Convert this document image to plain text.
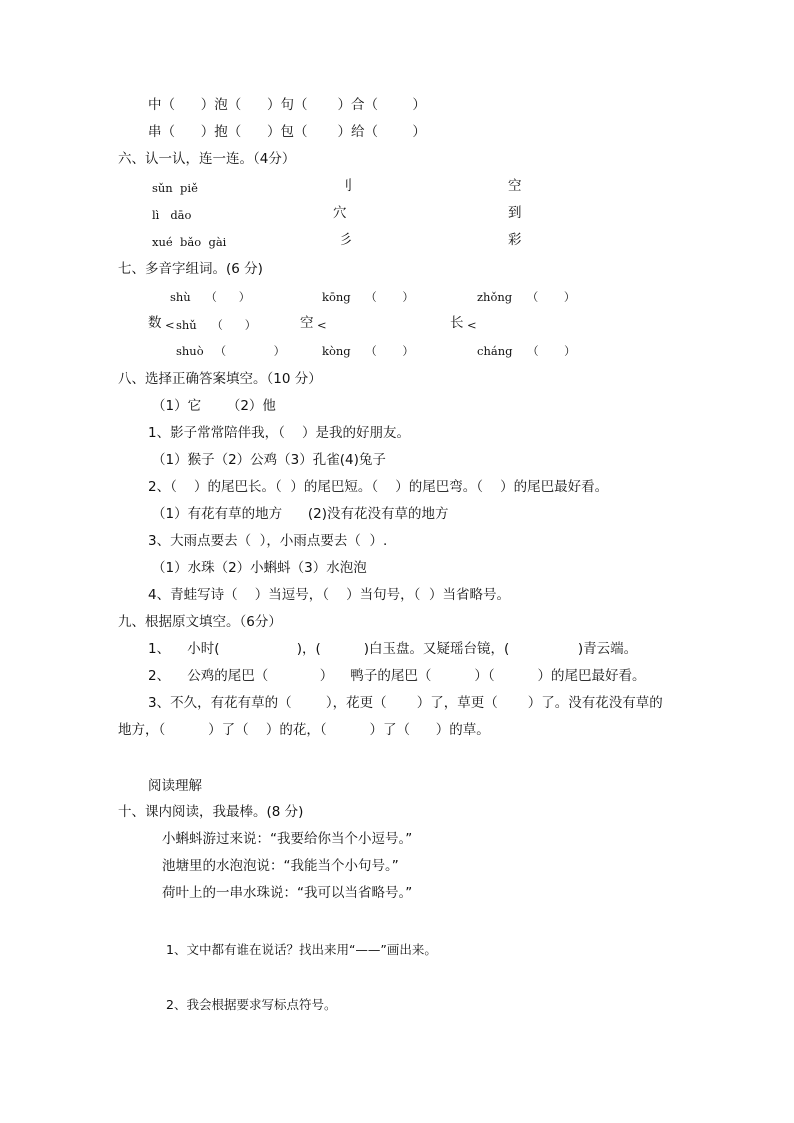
中（      ）泡（      ）句（       ）合（        ）
串（      ）抱（      ）包（       ）给（        ）
六、认一认，连一连。（4分）
sǔn  piě
lì   dāo
xué  bǎo  gài
刂
穴
彡
空
到
彩
七、多音字组词。(6 分)
shù    （      ）
数 < shǔ    （      ）
shuò   （             ）
kōng    （       ）
空 <
kòng    （       ）
zhǒng    （       ）
长 <
cháng    （       ）
八、选择正确答案填空。（10 分）
（1）它      （2）他
1、影子常常陪伴我，（    ）是我的好朋友。
（1）猴子（2）公鸡（3）孔雀(4)兔子
2、（    ）的尾巴长。（  ）的尾巴短。（    ）的尾巴弯。（    ）的尾巴最好看。
（1）有花有草的地方      (2)没有花没有草的地方
3、大雨点要去（  ），小雨点要去（  ）.
（1）水珠（2）小蝌蚪（3）水泡泡
4、青蛙写诗（    ）当逗号，（    ）当句号，（  ）当省略号。
九、根据原文填空。（6分）
1、    小时(                  )，(          )白玉盘。又疑瑶台镜，(                )青云端。
2、    公鸡的尾巴（            ）    鸭子的尾巴（          ）（          ）的尾巴最好看。
3、不久，有花有草的（        ），花更（       ）了，草更（       ）了。没有花没有草的
地方，（          ）了（    ）的花，（          ）了（      ）的草。
阅读理解
十、课内阅读，我最棒。(8 分)
小蝌蚪游过来说：“我要给你当个小逗号。”
池塘里的水泡泡说：“我能当个小句号。”
荷叶上的一串水珠说：“我可以当省略号。”
1、文中都有谁在说话？找出来用“——”画出来。
2、我会根据要求写标点符号。
